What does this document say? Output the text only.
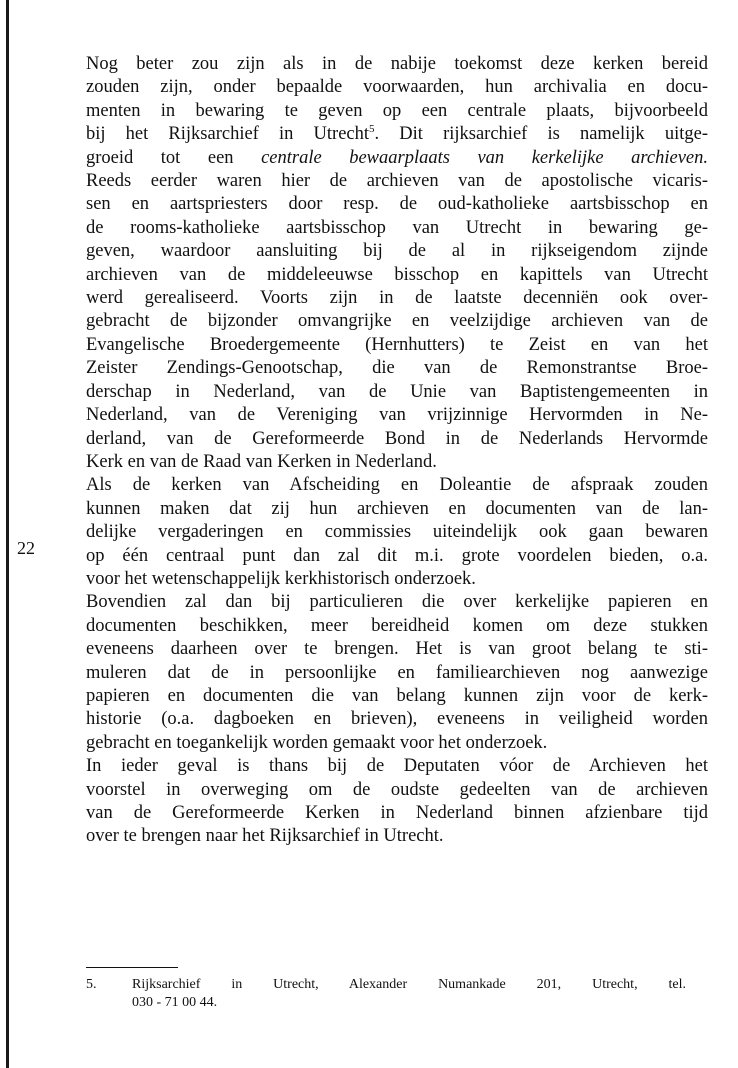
22
Nog beter zou zijn als in de nabije toekomst deze kerken bereid
zouden zijn, onder bepaalde voorwaarden, hun archivalia en docu-
menten in bewaring te geven op een centrale plaats, bijvoorbeeld
bij het Rijksarchief in Utrecht$^5$. Dit rijksarchief is namelijk uitge-
groeid tot een centrale bewaarplaats van kerkelijke archieven.
Reeds eerder waren hier de archieven van de apostolische vicaris-
sen en aartspriesters door resp. de oud-katholieke aartsbisschop en
de rooms-katholieke aartsbisschop van Utrecht in bewaring ge-
geven, waardoor aansluiting bij de al in rijkseigendom zijnde
archieven van de middeleeuwse bisschop en kapittels van Utrecht
werd gerealiseerd. Voorts zijn in de laatste decenniën ook over-
gebracht de bijzonder omvangrijke en veelzijdige archieven van de
Evangelische Broedergemeente (Hernhutters) te Zeist en van het
Zeister Zendings-Genootschap, die van de Remonstrantse Broe-
derschap in Nederland, van de Unie van Baptistengemeenten in
Nederland, van de Vereniging van vrijzinnige Hervormden in Ne-
derland, van de Gereformeerde Bond in de Nederlands Hervormde
Kerk en van de Raad van Kerken in Nederland.
Als de kerken van Afscheiding en Doleantie de afspraak zouden
kunnen maken dat zij hun archieven en documenten van de lan-
delijke vergaderingen en commissies uiteindelijk ook gaan bewaren
op één centraal punt dan zal dit m.i. grote voordelen bieden, o.a.
voor het wetenschappelijk kerkhistorisch onderzoek.
Bovendien zal dan bij particulieren die over kerkelijke papieren en
documenten beschikken, meer bereidheid komen om deze stukken
eveneens daarheen over te brengen. Het is van groot belang te sti-
muleren dat de in persoonlijke en familiearchieven nog aanwezige
papieren en documenten die van belang kunnen zijn voor de kerk-
historie (o.a. dagboeken en brieven), eveneens in veiligheid worden
gebracht en toegankelijk worden gemaakt voor het onderzoek.
In ieder geval is thans bij de Deputaten vóor de Archieven het
voorstel in overweging om de oudste gedeelten van de archieven
van de Gereformeerde Kerken in Nederland binnen afzienbare tijd
over te brengen naar het Rijksarchief in Utrecht.
5.	Rijksarchief in Utrecht, Alexander Numankade 201, Utrecht, tel.
030 - 71 00 44.
